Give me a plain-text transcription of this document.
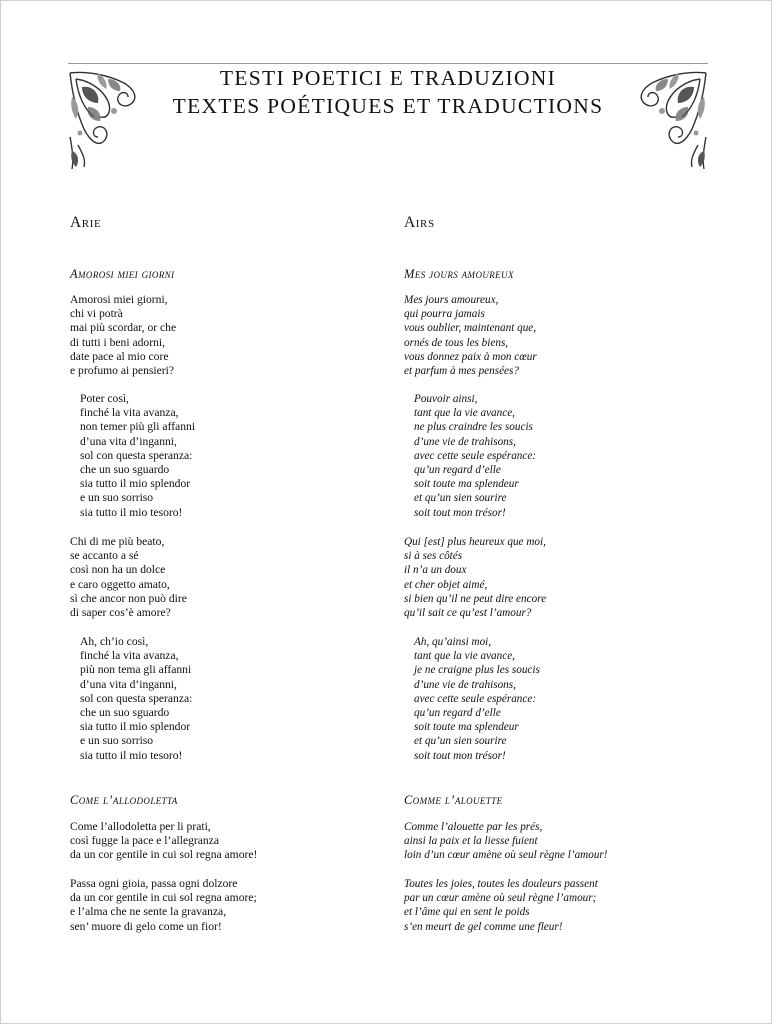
TESTI POETICI E TRADUZIONI
TEXTES POÉTIQUES ET TRADUCTIONS
Arie
Amorosi miei giorni
Amorosi miei giorni,
chi vi potrà
mai più scordar, or che
di tutti i beni adorni,
date pace al mio core
e profumo ai pensieri?
Poter così,
finché la vita avanza,
non temer più gli affanni
d’una vita d’inganni,
sol con questa speranza:
che un suo sguardo
sia tutto il mio splendor
e un suo sorriso
sia tutto il mio tesoro!
Chi di me più beato,
se accanto a sé
così non ha un dolce
e caro oggetto amato,
sì che ancor non può dire
di saper cos’è amore?
Ah, ch’io così,
finché la vita avanza,
più non tema gli affanni
d’una vita d’inganni,
sol con questa speranza:
che un suo sguardo
sia tutto il mio splendor
e un suo sorriso
sia tutto il mio tesoro!
Come l’allodoletta
Come l’allodoletta per li prati,
così fugge la pace e l’allegranza
da un cor gentile in cui sol regna amore!
Passa ogni gioia, passa ogni dolzore
da un cor gentile in cui sol regna amore;
e l’alma che ne sente la gravanza,
sen’ muore di gelo come un fior!
Airs
Mes jours amoureux
Mes jours amoureux,
qui pourra jamais
vous oublier, maintenant que,
ornés de tous les biens,
vous donnez paix à mon cœur
et parfum à mes pensées?
Pouvoir ainsi,
tant que la vie avance,
ne plus craindre les soucis
d’une vie de trahisons,
avec cette seule espérance:
qu’un regard d’elle
soit toute ma splendeur
et qu’un sien sourire
soit tout mon trésor!
Qui [est] plus heureux que moi,
si à ses côtés
il n’a un doux
et cher objet aimé,
si bien qu’il ne peut dire encore
qu’il sait ce qu’est l’amour?
Ah, qu’ainsi moi,
tant que la vie avance,
je ne craigne plus les soucis
d’une vie de trahisons,
avec cette seule espérance:
qu’un regard d’elle
soit toute ma splendeur
et qu’un sien sourire
soit tout mon trésor!
Comme l’alouette
Comme l’alouette par les prés,
ainsi la paix et la liesse fuient
loin d’un cœur amène où seul règne l’amour!
Toutes les joies, toutes les douleurs passent
par un cœur amène où seul règne l’amour;
et l’âme qui en sent le poids
s’en meurt de gel comme une fleur!
